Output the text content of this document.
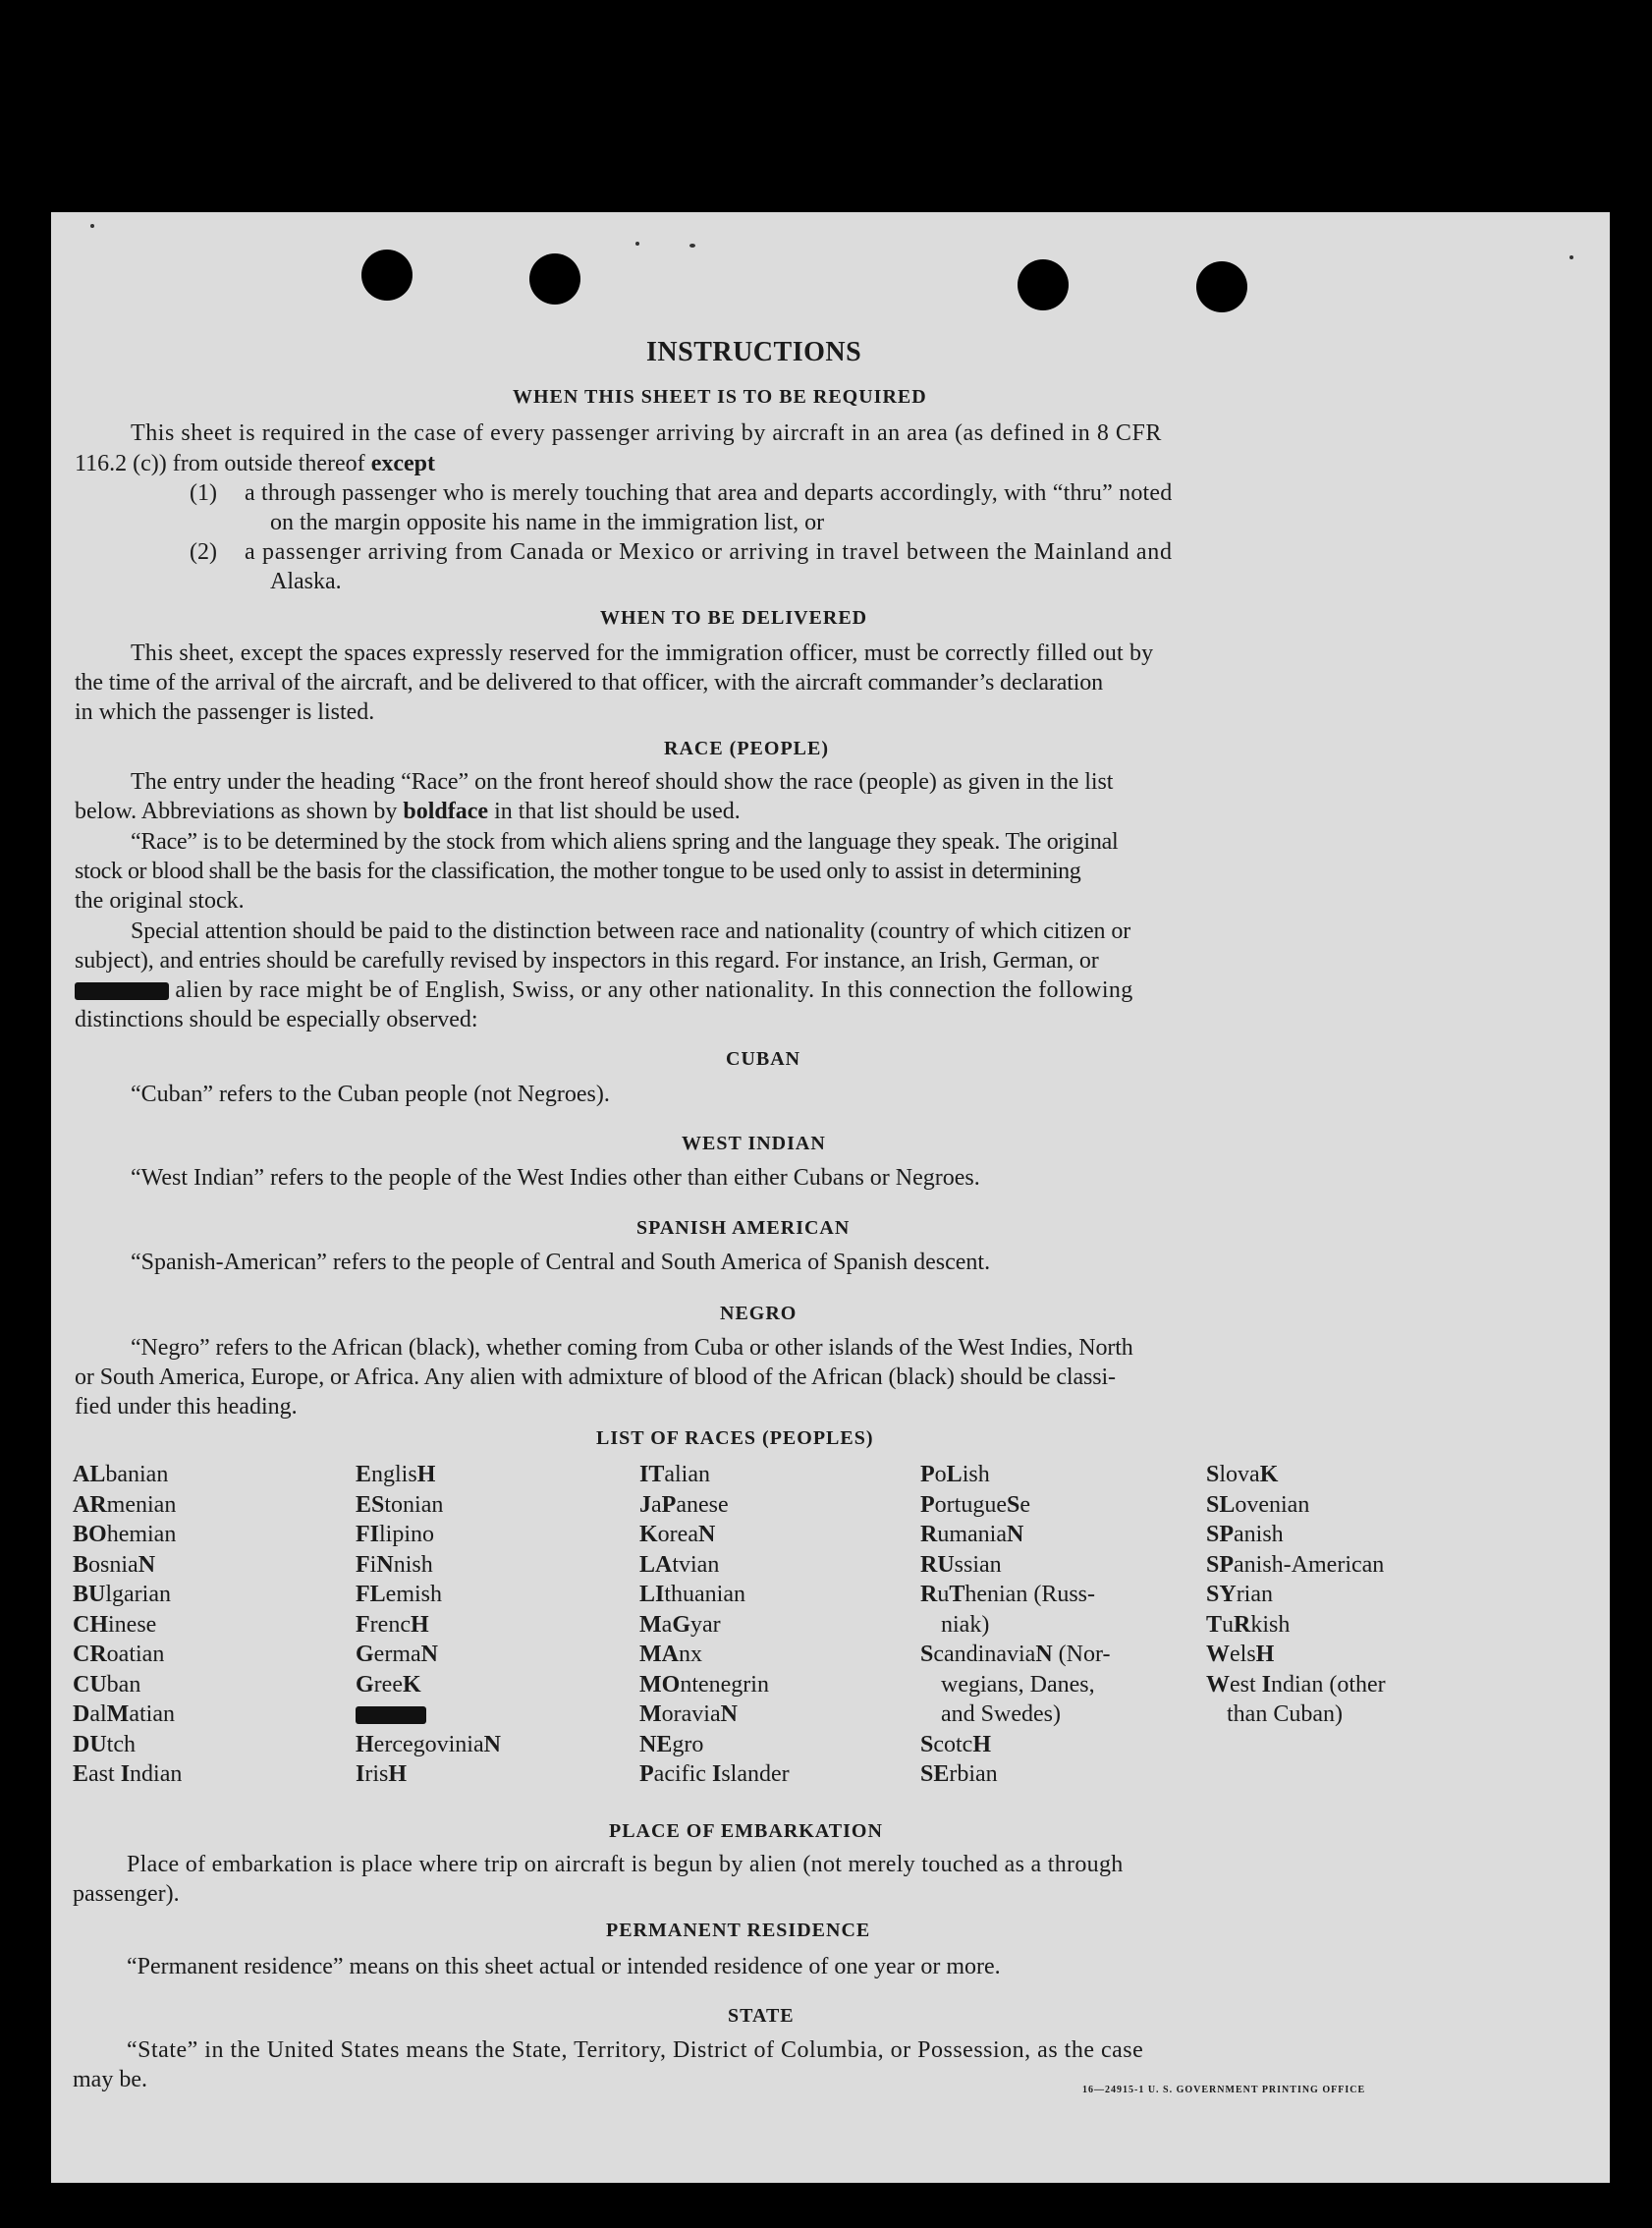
INSTRUCTIONS
WHEN THIS SHEET IS TO BE REQUIRED
This sheet is required in the case of every passenger arriving by aircraft in an area (as defined in 8 CFR
116.2 (c)) from outside thereof except
(1) a through passenger who is merely touching that area and departs accordingly, with “thru” noted
on the margin opposite his name in the immigration list, or
(2) a passenger arriving from Canada or Mexico or arriving in travel between the Mainland and
Alaska.
WHEN TO BE DELIVERED
This sheet, except the spaces expressly reserved for the immigration officer, must be correctly filled out by
the time of the arrival of the aircraft, and be delivered to that officer, with the aircraft commander’s declaration
in which the passenger is listed.
RACE (PEOPLE)
The entry under the heading “Race” on the front hereof should show the race (people) as given in the list
below. Abbreviations as shown by boldface in that list should be used.
“Race” is to be determined by the stock from which aliens spring and the language they speak. The original
stock or blood shall be the basis for the classification, the mother tongue to be used only to assist in determining
the original stock.
Special attention should be paid to the distinction between race and nationality (country of which citizen or
subject), and entries should be carefully revised by inspectors in this regard. For instance, an Irish, German, or
alien by race might be of English, Swiss, or any other nationality. In this connection the following
distinctions should be especially observed:
CUBAN
“Cuban” refers to the Cuban people (not Negroes).
WEST INDIAN
“West Indian” refers to the people of the West Indies other than either Cubans or Negroes.
SPANISH AMERICAN
“Spanish-American” refers to the people of Central and South America of Spanish descent.
NEGRO
“Negro” refers to the African (black), whether coming from Cuba or other islands of the West Indies, North
or South America, Europe, or Africa. Any alien with admixture of blood of the African (black) should be classi-
fied under this heading.
LIST OF RACES (PEOPLES)
ALbanian
ARmenian
BOhemian
BosniaN
BUlgarian
CHinese
CRoatian
CUban
DalMatian
DUtch
East Indian
EnglisH
EStonian
FIlipino
FiNnish
FLemish
FrencH
GermaN
GreeK
HercegoviniaN
IrisH
ITalian
JaPanese
KoreaN
LAtvian
LIthuanian
MaGyar
MAnx
MOntenegrin
MoraviaN
NEgro
Pacific Islander
PoLish
PortugueSe
RumaniaN
RUssian
RuThenian (Russ-
niak)
ScandinaviaN (Nor-
wegians, Danes,
and Swedes)
ScotcH
SErbian
SlovaK
SLovenian
SPanish
SPanish-American
SYrian
TuRkish
WelsH
West Indian (other
than Cuban)
PLACE OF EMBARKATION
Place of embarkation is place where trip on aircraft is begun by alien (not merely touched as a through
passenger).
PERMANENT RESIDENCE
“Permanent residence” means on this sheet actual or intended residence of one year or more.
STATE
“State” in the United States means the State, Territory, District of Columbia, or Possession, as the case
may be.	16—24915-1 U. S. GOVERNMENT PRINTING OFFICE
